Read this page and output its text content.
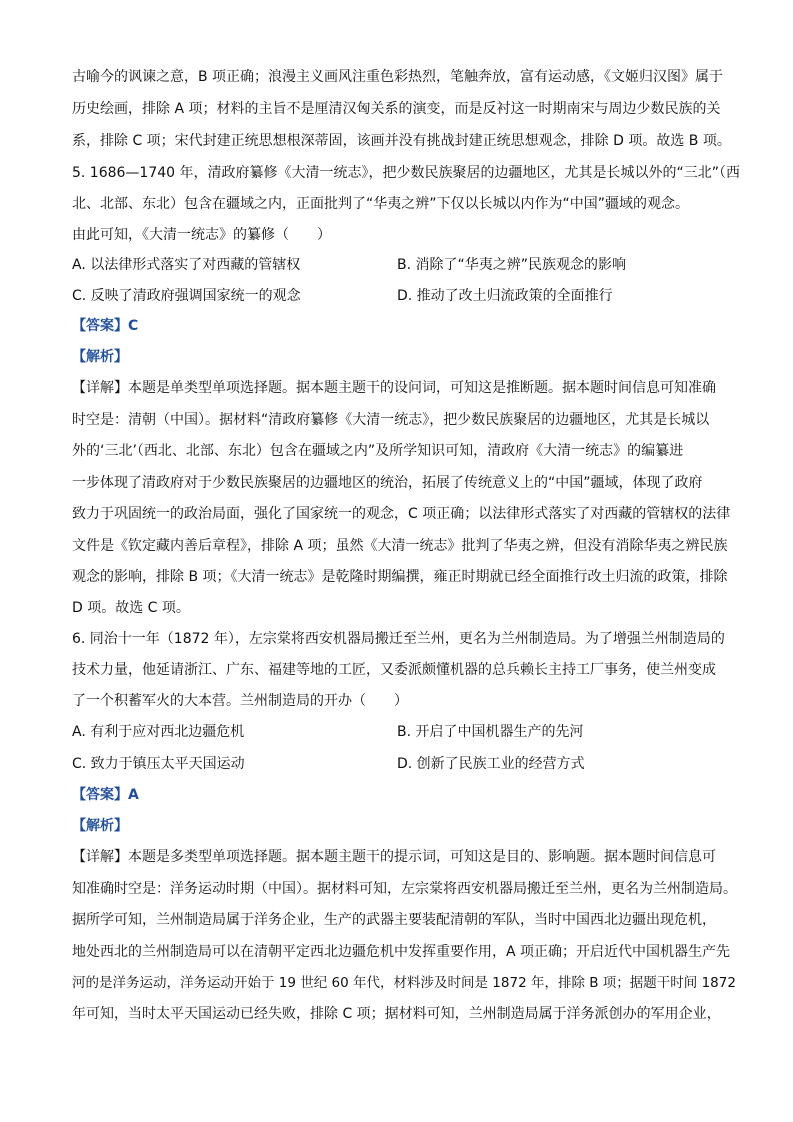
古喻今的讽谏之意，B 项正确；浪漫主义画风注重色彩热烈，笔触奔放，富有运动感，《文姬归汉图》属于
历史绘画，排除 A 项；材料的主旨不是厘清汉匈关系的演变，而是反衬这一时期南宋与周边少数民族的关
系，排除 C 项；宋代封建正统思想根深蒂固，该画并没有挑战封建正统思想观念，排除 D 项。故选 B 项。
5. 1686—1740 年，清政府纂修《大清一统志》，把少数民族聚居的边疆地区，尤其是长城以外的“三北”（西
北、北部、东北）包含在疆域之内，正面批判了“华夷之辨”下仅以长城以内作为“中国”疆域的观念。
由此可知，《大清一统志》的纂修（　　）
A. 以法律形式落实了对西藏的管辖权	B. 消除了“华夷之辨”民族观念的影响
C. 反映了清政府强调国家统一的观念	D. 推动了改土归流政策的全面推行
【答案】C
【解析】
【详解】本题是单类型单项选择题。据本题主题干的设问词，可知这是推断题。据本题时间信息可知准确
时空是：清朝（中国）。据材料“清政府纂修《大清一统志》，把少数民族聚居的边疆地区，尤其是长城以
外的‘三北’（西北、北部、东北）包含在疆域之内”及所学知识可知，清政府《大清一统志》的编纂进
一步体现了清政府对于少数民族聚居的边疆地区的统治，拓展了传统意义上的“中国”疆域，体现了政府
致力于巩固统一的政治局面，强化了国家统一的观念，C 项正确；以法律形式落实了对西藏的管辖权的法律
文件是《钦定藏内善后章程》，排除 A 项；虽然《大清一统志》批判了华夷之辨，但没有消除华夷之辨民族
观念的影响，排除 B 项；《大清一统志》是乾隆时期编撰，雍正时期就已经全面推行改土归流的政策，排除
D 项。故选 C 项。
6. 同治十一年（1872 年），左宗棠将西安机器局搬迁至兰州，更名为兰州制造局。为了增强兰州制造局的
技术力量，他延请浙江、广东、福建等地的工匠，又委派颇懂机器的总兵赖长主持工厂事务，使兰州变成
了一个积蓄军火的大本营。兰州制造局的开办（　　）
A. 有利于应对西北边疆危机	B. 开启了中国机器生产的先河
C. 致力于镇压太平天国运动	D. 创新了民族工业的经营方式
【答案】A
【解析】
【详解】本题是多类型单项选择题。据本题主题干的提示词，可知这是目的、影响题。据本题时间信息可
知准确时空是：洋务运动时期（中国）。据材料可知，左宗棠将西安机器局搬迁至兰州，更名为兰州制造局。
据所学可知，兰州制造局属于洋务企业，生产的武器主要装配清朝的军队，当时中国西北边疆出现危机，
地处西北的兰州制造局可以在清朝平定西北边疆危机中发挥重要作用，A 项正确；开启近代中国机器生产先
河的是洋务运动，洋务运动开始于 19 世纪 60 年代，材料涉及时间是 1872 年，排除 B 项；据题干时间 1872
年可知，当时太平天国运动已经失败，排除 C 项；据材料可知，兰州制造局属于洋务派创办的军用企业，
